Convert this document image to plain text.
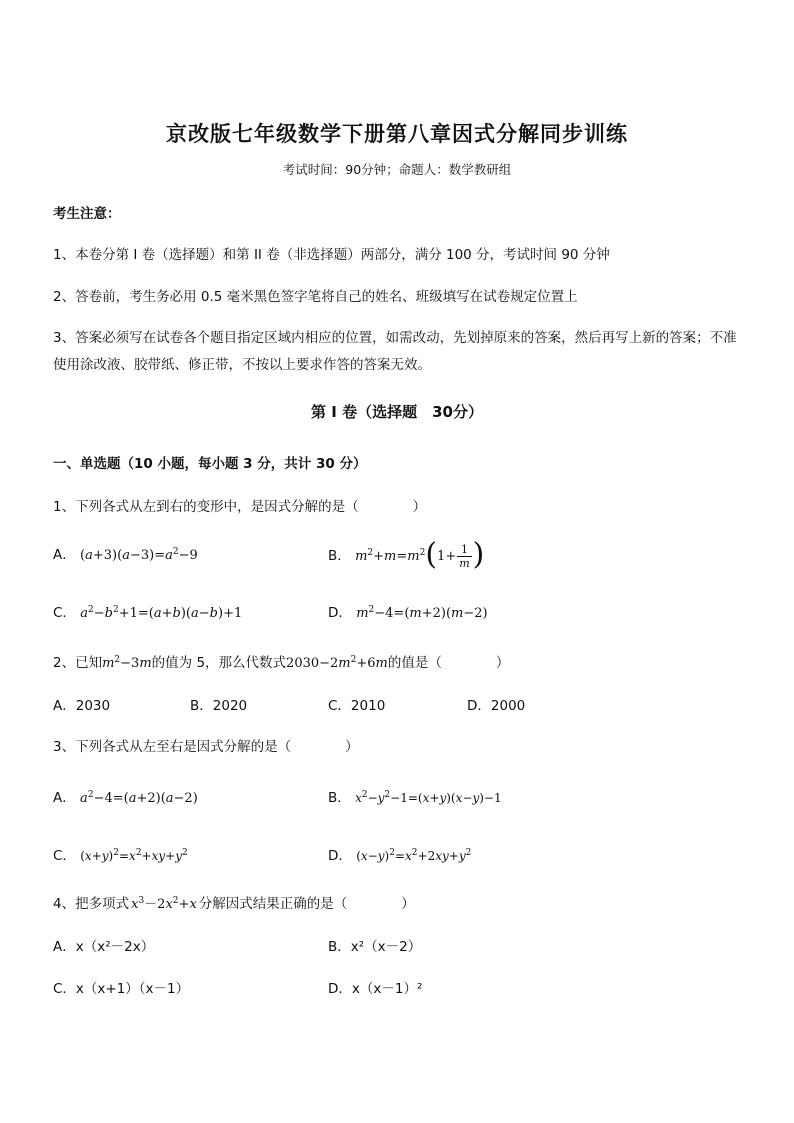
京改版七年级数学下册第八章因式分解同步训练
考试时间：90分钟；命题人：数学教研组
考生注意：
1、本卷分第 I 卷（选择题）和第 II 卷（非选择题）两部分，满分 100 分，考试时间 90 分钟
2、答卷前，考生务必用 0.5 毫米黑色签字笔将自己的姓名、班级填写在试卷规定位置上
3、答案必须写在试卷各个题目指定区域内相应的位置，如需改动，先划掉原来的答案，然后再写上新的答案；不准使用涂改液、胶带纸、修正带，不按以上要求作答的答案无效。
第 I 卷（选择题　30分）
一、单选题（10 小题，每小题 3 分，共计 30 分）
1、下列各式从左到右的变形中，是因式分解的是（　　　　）
A． $(a+3)(a-3)=a^2-9$	B． $m^2+m=m^2(1+ \frac{1}{m}$ )
C． $a^2-b^2+1=(a+b)(a-b)+1$	D． $m^2-4=(m+2)(m-2)$
2、已知$m^2-3m$的值为 5，那么代数式$2030-2m^2+6m$的值是（　　　　）
A．2030	B．2020	C．2010	D．2000
3、下列各式从左至右是因式分解的是（　　　　）
A． $a^2-4=(a+2)(a-2)$	B． $x^2-y^2-1=(x+y)(x-y)-1$
C． $(x+y)^2=x^2+xy+y^2$	D． $(x-y)^2=x^2+2xy+y^2$
4、把多项式 $x^3-2x^2+x$ 分解因式结果正确的是（　　　　）
A．x（x²－2x）	B．x²（x－2）
C．x（x+1）（x－1）	D．x（x－1）²
